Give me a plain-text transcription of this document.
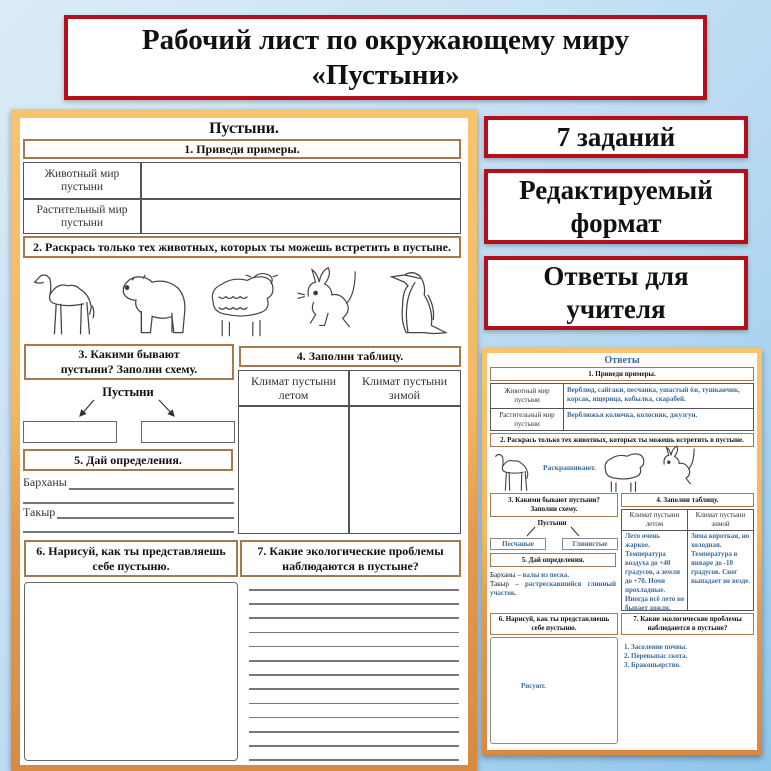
Рабочий лист по окружающему миру
«Пустыни»
7 заданий
Редактируемый формат
Ответы для учителя
Пустыни.
1. Приведи примеры.
Животный мир пустыни
Растительный мир пустыни
2. Раскрась только тех животных, которых ты можешь встретить в пустыне.
3. Какими бывают пустыни? Заполни схему.
4. Заполни таблицу.
Пустыни
Климат пустыни летом
Климат пустыни зимой
5. Дай определения.
Барханы
Такыр
6. Нарисуй, как ты представляешь себе пустыню.
7. Какие экологические проблемы наблюдаются в пустыне?
Ответы
1. Приведи примеры.
Животный мир пустыни
Растительный мир пустыни
Верблюд, сайгаки, песчанка, ушастый ёж, тушканчик, корсак, ящерица, кобылка, скарабей.
Верблюжья колючка, колосняк, джузгун.
2. Раскрась только тех животных, которых ты можешь встретить в пустыне.
Раскрашивают.
3. Какими бывают пустыни? Заполни схему.
4. Заполни таблицу.
Пустыни
Песчаные	Глинистые
Климат пустыни летом
Климат пустыни зимой
Лето очень жаркое. Температура воздуха до +40 градусов, а земли до +70. Ночи прохладные. Иногда всё лето не бывает дождя.
Зима короткая, но холодная. Температура в январе до -10 градусов. Снег выпадает не везде.
5. Дай определения.
Барханы – валы из песка.
Такыр – растрескавшийся глинный участок.
6. Нарисуй, как ты представляешь себе пустыню.
7. Какие экологические проблемы наблюдаются в пустыне?
Рисуют.
1. Засоление почвы.
2. Перевыпас скота.
3. Браконьерство.
